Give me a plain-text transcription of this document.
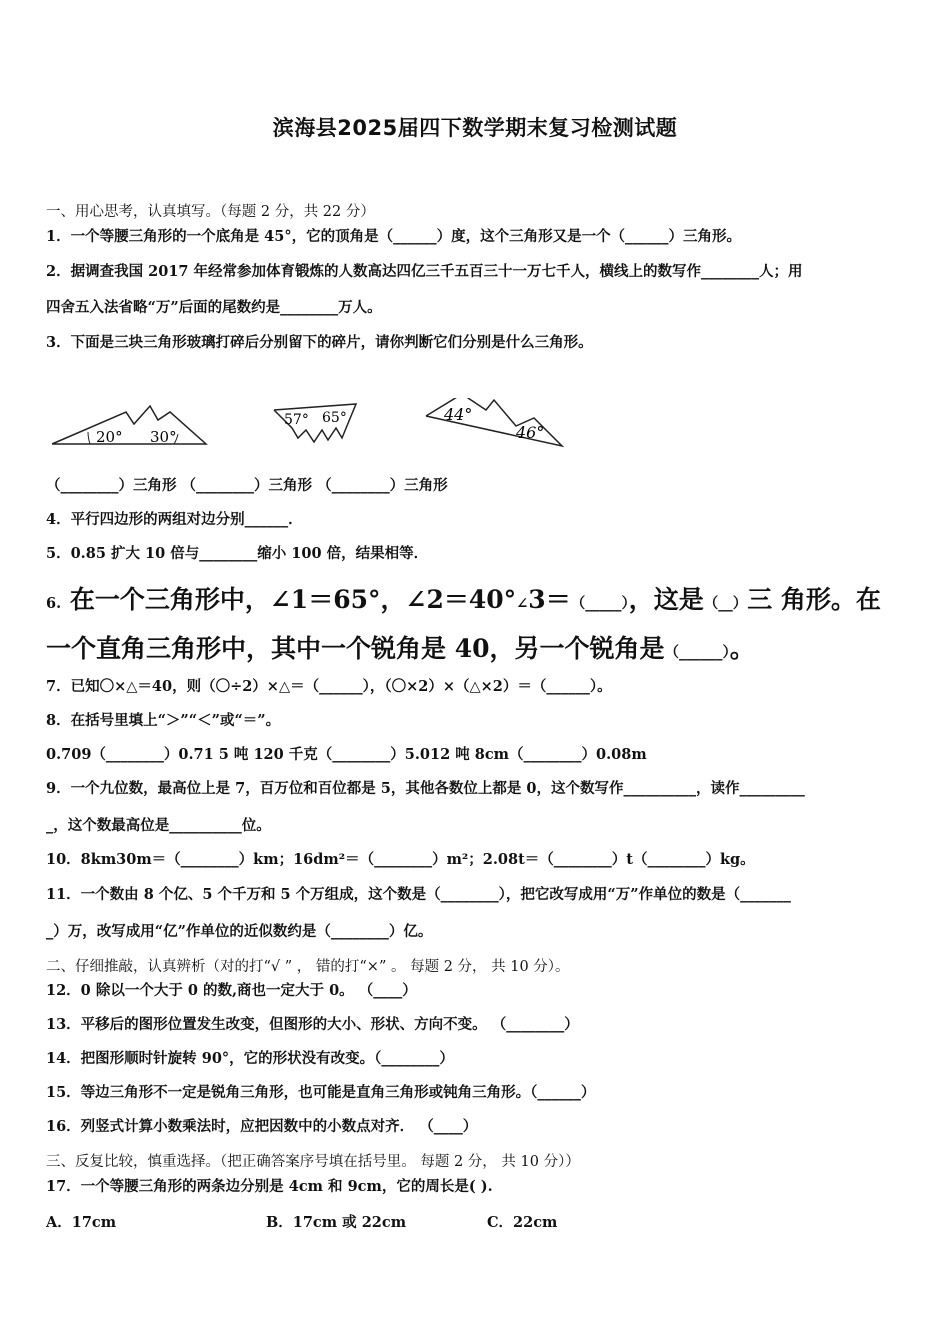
滨海县2025届四下数学期末复习检测试题
一、用心思考，认真填写。（每题 2 分，共 22 分）
1．一个等腰三角形的一个底角是 45°，它的顶角是（______）度，这个三角形又是一个（______）三角形。
2．据调查我国 2017 年经常参加体育锻炼的人数高达四亿三千五百三十一万七千人，横线上的数写作________人；用
四舍五入法省略“万”后面的尾数约是________万人。
3．下面是三块三角形玻璃打碎后分别留下的碎片，请你判断它们分别是什么三角形。
20° 30°
57° 65°	44°
46°
（________）三角形 （________）三角形 （________）三角形
4．平行四边形的两组对边分别______．
5．0.85 扩大 10 倍与________缩小 100 倍，结果相等．
6. 在一个三角形中，∠1＝65°，∠2＝40°∠3＝（_____），这是（__）三 角形。在
一个直角三角形中，其中一个锐角是 40，另一个锐角是（______）。
7．已知〇×△＝40，则（〇÷2）×△＝（______），（〇×2）×（△×2）＝（______）。
8．在括号里填上“＞”“＜”或“＝”。
0.709（________）0.71 5 吨 120 千克（________）5.012 吨 8cm（________）0.08m
9．一个九位数，最高位上是 7，百万位和百位都是 5，其他各数位上都是 0，这个数写作__________，读作_________
_，这个数最高位是__________位。
10．8km30m＝（________）km；16dm²＝（________）m²；2.08t＝（________）t（________）kg。
11．一个数由 8 个亿、5 个千万和 5 个万组成，这个数是（________），把它改写成用“万”作单位的数是（_______
_）万，改写成用“亿”作单位的近似数约是（________）亿。
二、仔细推敲，认真辨析（对的打“√ ” ， 错的打“×” 。 每题 2 分， 共 10 分）。
12．0 除以一个大于 0 的数,商也一定大于 0。 （____）
13．平移后的图形位置发生改变，但图形的大小、形状、方向不变。 （________）
14．把图形顺时针旋转 90°，它的形状没有改变。（________）
15．等边三角形不一定是锐角三角形，也可能是直角三角形或钝角三角形。（______）
16．列竖式计算小数乘法时，应把因数中的小数点对齐． （____）
三、反复比较，慎重选择。（把正确答案序号填在括号里。 每题 2 分， 共 10 分））
17．一个等腰三角形的两条边分别是 4cm 和 9cm，它的周长是( ).
A．17cm	B．17cm 或 22cm	C．22cm
